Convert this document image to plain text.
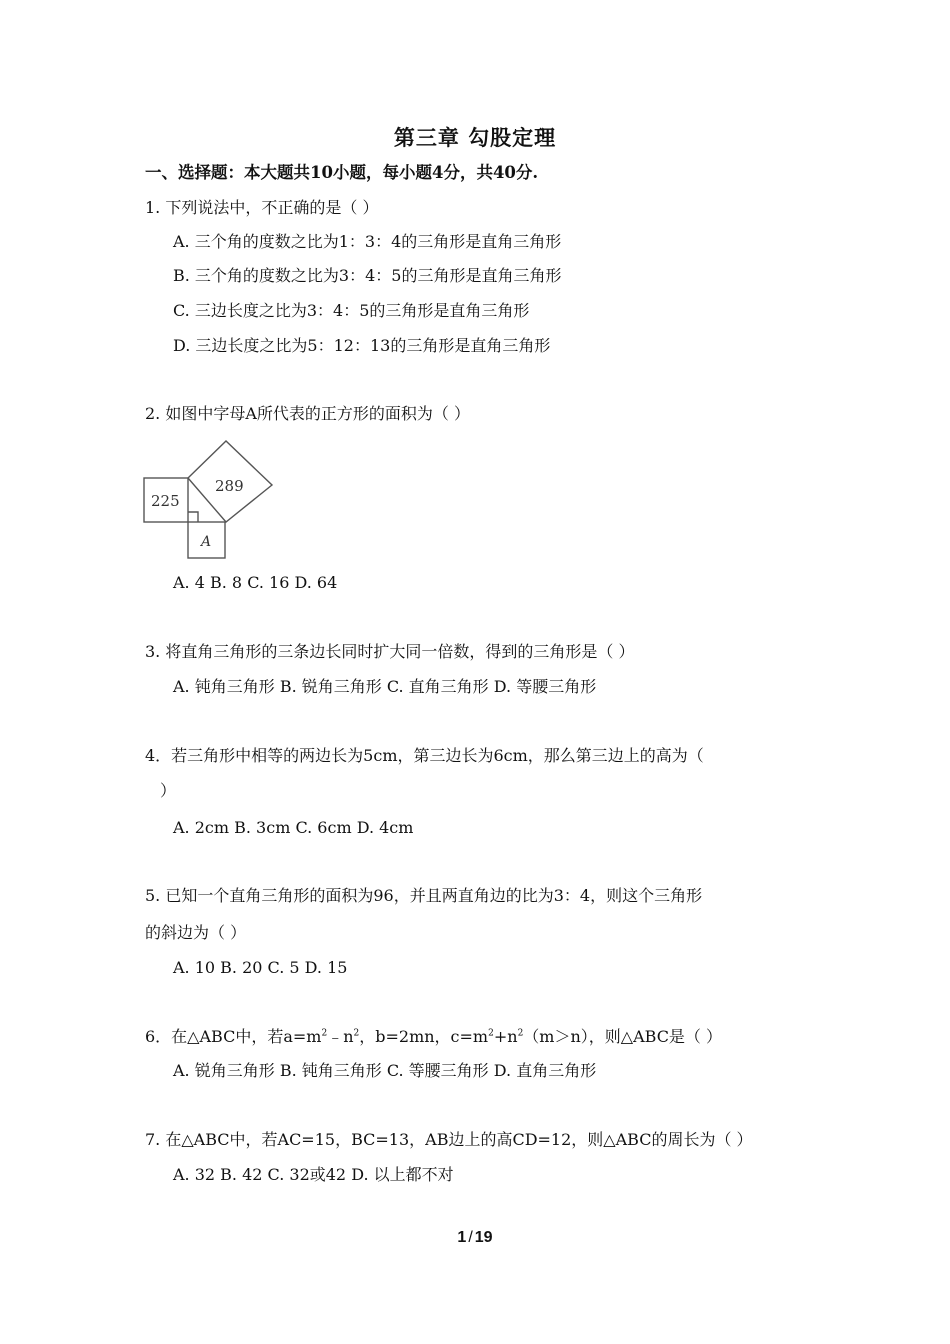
第三章 勾股定理
一、选择题：本大题共10小题，每小题4分，共40分.
1. 下列说法中，不正确的是（ ）
A. 三个角的度数之比为1：3：4的三角形是直角三角形
B. 三个角的度数之比为3：4：5的三角形是直角三角形
C. 三边长度之比为3：4：5的三角形是直角三角形
D. 三边长度之比为5：12：13的三角形是直角三角形
2. 如图中字母A所代表的正方形的面积为（ ）
225
289
A
A. 4 B. 8 C. 16 D. 64
3. 将直角三角形的三条边长同时扩大同一倍数，得到的三角形是（ ）
A. 钝角三角形 B. 锐角三角形 C. 直角三角形 D. 等腰三角形
4．若三角形中相等的两边长为5cm，第三边长为6cm，那么第三边上的高为（
）
A. 2cm B. 3cm C. 6cm D. 4cm
5. 已知一个直角三角形的面积为96，并且两直角边的比为3：4，则这个三角形
的斜边为（ ）
A. 10 B. 20 C. 5 D. 15
6．在△ABC中，若$a=m^2﹣n^2$，b=2mn，$c=m^2+n^2(m>n)$，则△ABC是（ ）
A. 锐角三角形 B. 钝角三角形 C. 等腰三角形 D. 直角三角形
7. 在△ABC中，若AC=15，BC=13，AB边上的高CD=12，则△ABC的周长为（ ）
A. 32 B. 42 C. 32或42 D. 以上都不对
1 / 19
